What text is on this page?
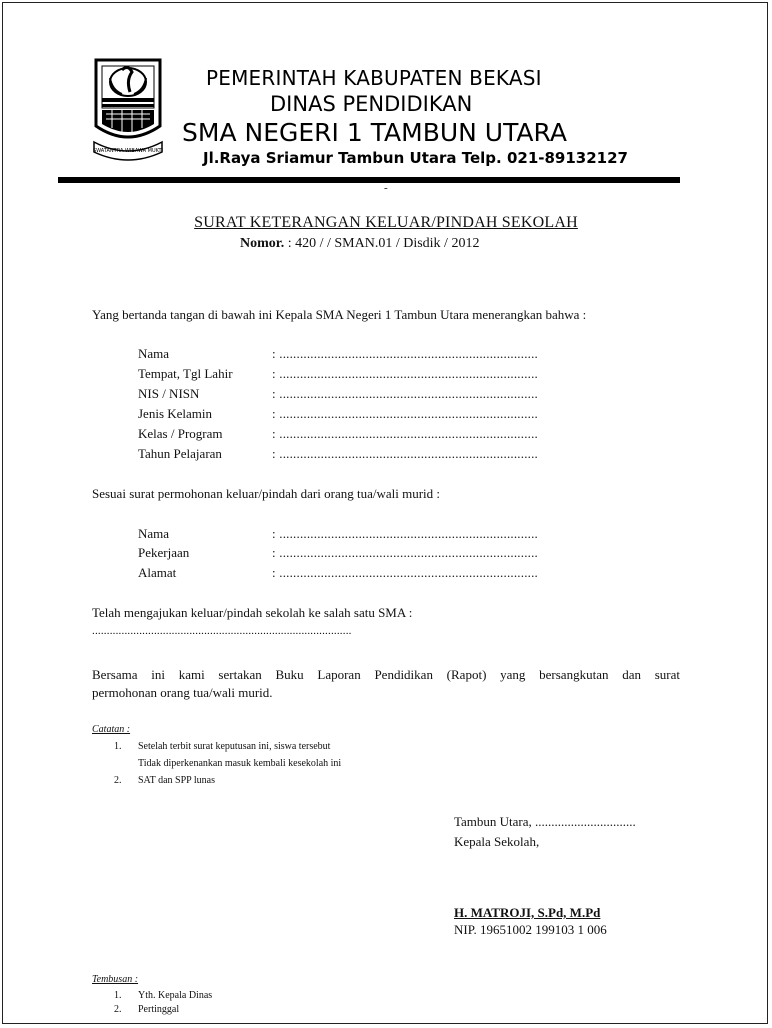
SWATANTRA WIBAWA MUKTI
PEMERINTAH KABUPATEN BEKASI
DINAS PENDIDIKAN
SMA NEGERI 1 TAMBUN UTARA
Jl.Raya Sriamur Tambun Utara Telp. 021-89132127
-
SURAT KETERANGAN KELUAR/PINDAH SEKOLAH
Nomor. : 420 / / SMAN.01 / Disdik / 2012
Yang bertanda tangan di bawah ini Kepala SMA Negeri 1 Tambun Utara menerangkan bahwa :
Nama	: ...........................................................................
Tempat, Tgl Lahir	: ...........................................................................
NIS / NISN	: ...........................................................................
Jenis Kelamin	: ...........................................................................
Kelas / Program	: ...........................................................................
Tahun Pelajaran	: ...........................................................................
Sesuai surat permohonan keluar/pindah dari orang tua/wali murid :
Nama	: ...........................................................................
Pekerjaan	: ...........................................................................
Alamat	: ...........................................................................
Telah mengajukan keluar/pindah sekolah ke salah satu SMA :
........................................................................................
Bersama ini kami sertakan Buku Laporan Pendidikan (Rapot) yang bersangkutan dan surat
permohonan orang tua/wali murid.
Catatan :
1. Setelah terbit surat keputusan ini, siswa tersebut
Tidak diperkenankan masuk kembali kesekolah ini
2. SAT dan SPP lunas
Tambun Utara, ...............................
Kepala Sekolah,
H. MATROJI, S.Pd, M.Pd
NIP. 19651002 199103 1 006
Tembusan :
1. Yth. Kepala Dinas
2. Pertinggal
